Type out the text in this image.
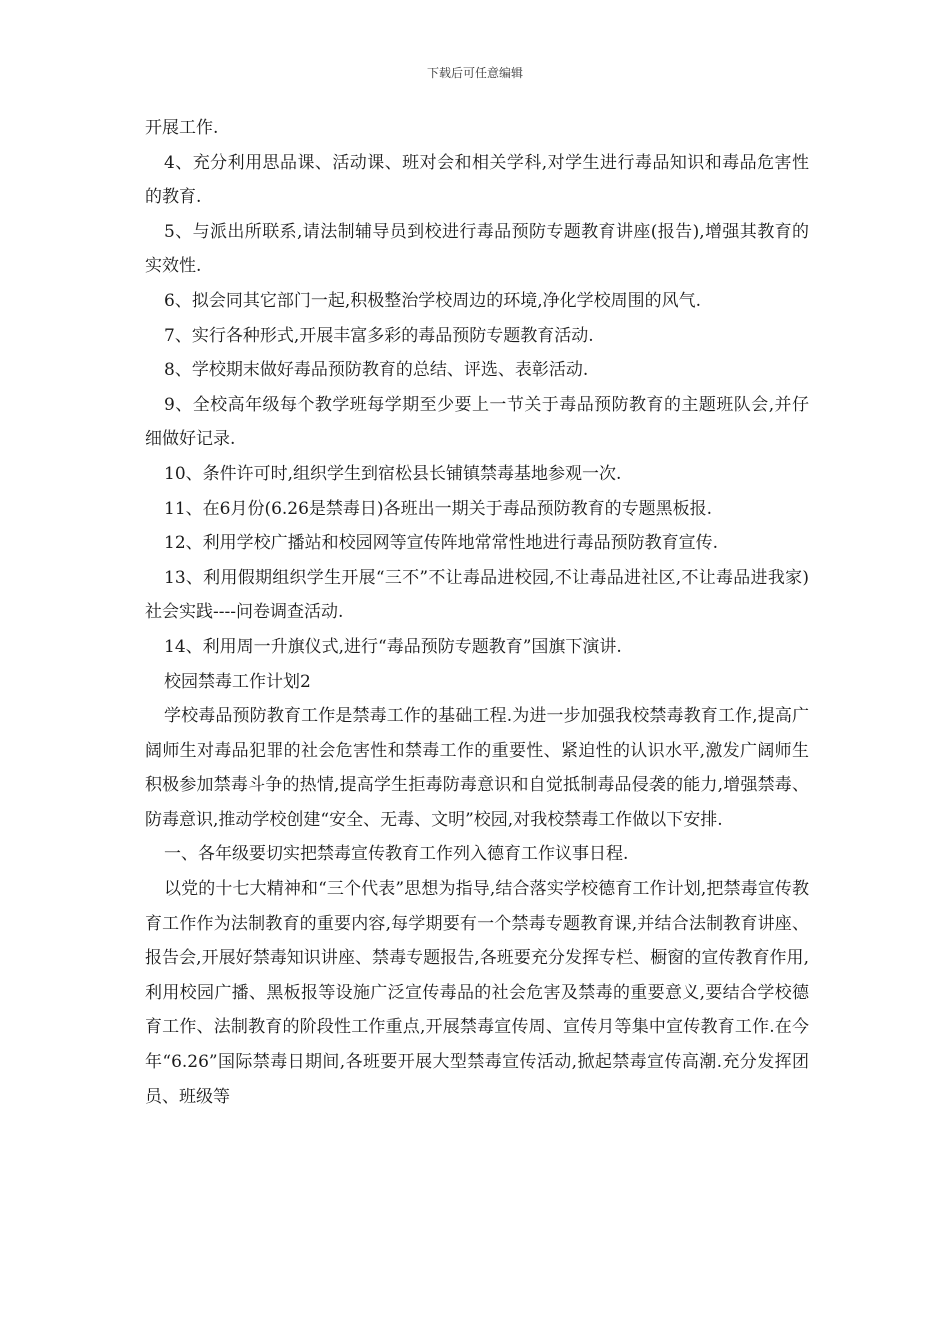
下载后可任意编辑

开展工作.

4、充分利用思品课、活动课、班对会和相关学科,对学生进行毒品知识和毒品危害性的教育.

5、与派出所联系,请法制辅导员到校进行毒品预防专题教育讲座(报告),增强其教育的实效性.

6、拟会同其它部门一起,积极整治学校周边的环境,净化学校周围的风气.

7、实行各种形式,开展丰富多彩的毒品预防专题教育活动.

8、学校期末做好毒品预防教育的总结、评选、表彰活动.

9、全校高年级每个教学班每学期至少要上一节关于毒品预防教育的主题班队会,并仔细做好记录.

10、条件许可时,组织学生到宿松县长铺镇禁毒基地参观一次.

11、在6月份(6.26是禁毒日)各班出一期关于毒品预防教育的专题黑板报.

12、利用学校广播站和校园网等宣传阵地常常性地进行毒品预防教育宣传.

13、利用假期组织学生开展“三不”不让毒品进校园,不让毒品进社区,不让毒品进我家)社会实践----问卷调查活动.

14、利用周一升旗仪式,进行“毒品预防专题教育”国旗下演讲.

校园禁毒工作计划2

学校毒品预防教育工作是禁毒工作的基础工程.为进一步加强我校禁毒教育工作,提高广阔师生对毒品犯罪的社会危害性和禁毒工作的重要性、紧迫性的认识水平,激发广阔师生积极参加禁毒斗争的热情,提高学生拒毒防毒意识和自觉抵制毒品侵袭的能力,增强禁毒、防毒意识,推动学校创建“安全、无毒、文明”校园,对我校禁毒工作做以下安排.

一、各年级要切实把禁毒宣传教育工作列入德育工作议事日程.

以党的十七大精神和“三个代表”思想为指导,结合落实学校德育工作计划,把禁毒宣传教育工作作为法制教育的重要内容,每学期要有一个禁毒专题教育课,并结合法制教育讲座、报告会,开展好禁毒知识讲座、禁毒专题报告,各班要充分发挥专栏、橱窗的宣传教育作用,利用校园广播、黑板报等设施广泛宣传毒品的社会危害及禁毒的重要意义,要结合学校德育工作、法制教育的阶段性工作重点,开展禁毒宣传周、宣传月等集中宣传教育工作.在今年“6.26”国际禁毒日期间,各班要开展大型禁毒宣传活动,掀起禁毒宣传高潮.充分发挥团员、班级等
